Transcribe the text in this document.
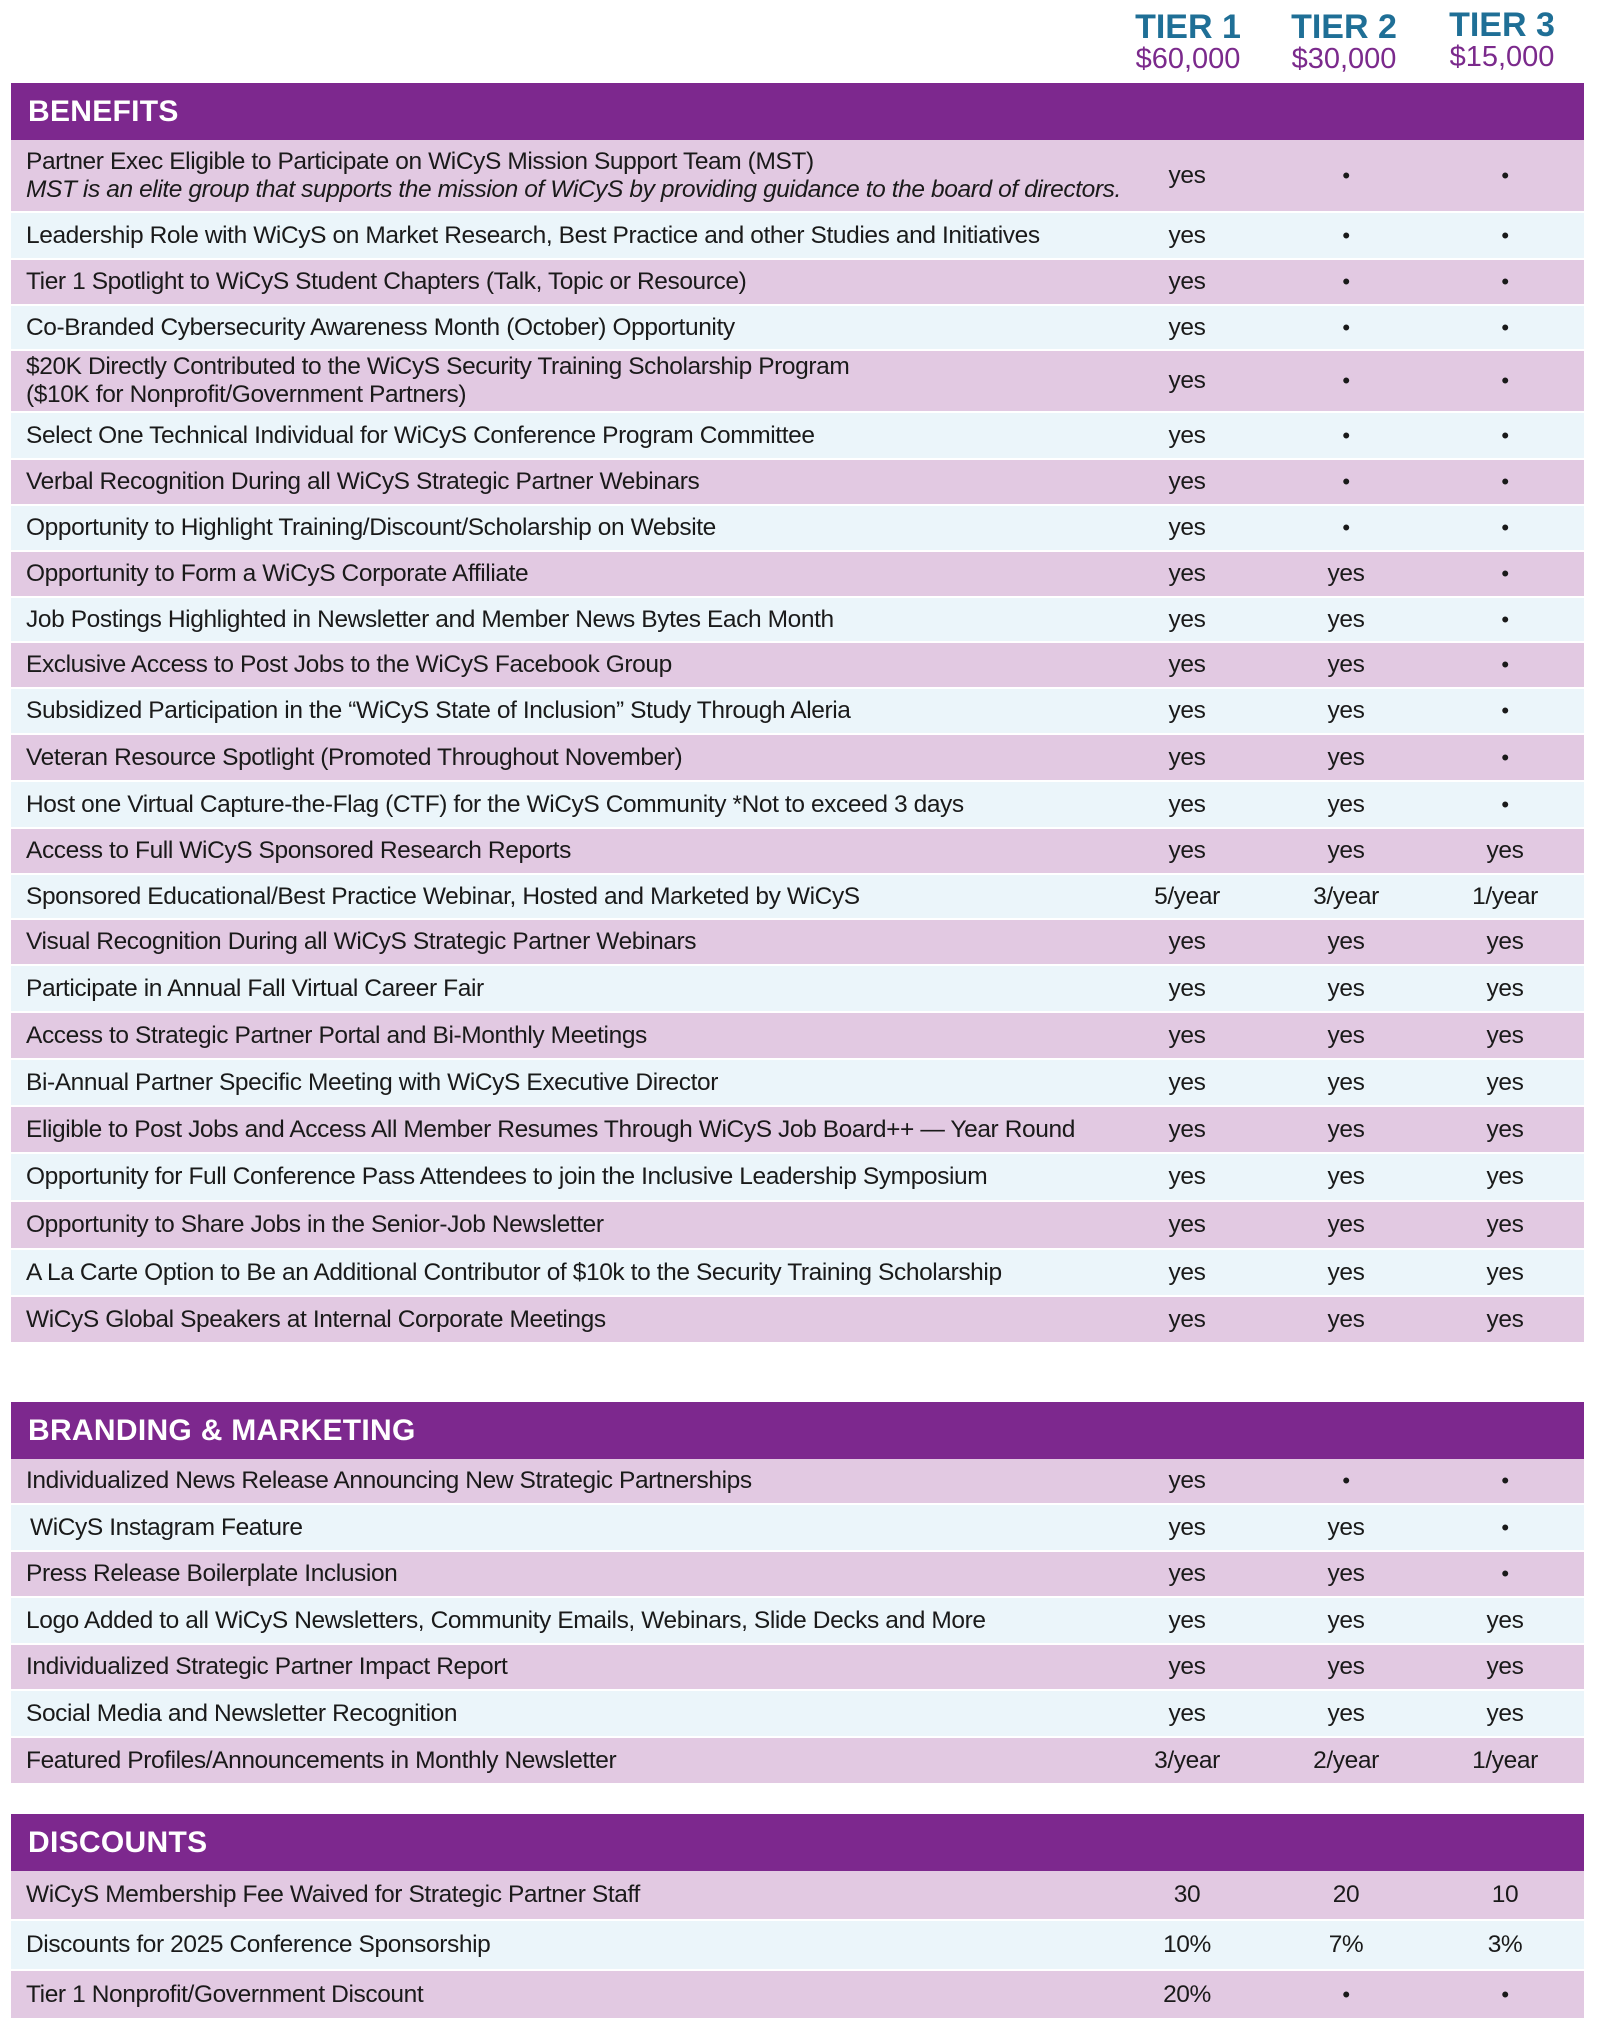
TIER 1
$60,000
TIER 2
$30,000
TIER 3
$15,000
BENEFITS
Partner Exec Eligible to Participate on WiCyS Mission Support Team (MST)
MST is an elite group that supports the mission of WiCyS by providing guidance to the board of directors.
yes	•	•
Leadership Role with WiCyS on Market Research, Best Practice and other Studies and Initiatives	yes	•	•
Tier 1 Spotlight to WiCyS Student Chapters (Talk, Topic or Resource)	yes	•	•
Co-Branded Cybersecurity Awareness Month (October) Opportunity	yes	•	•
$20K Directly Contributed to the WiCyS Security Training Scholarship Program
($10K for Nonprofit/Government Partners)
yes	•	•
Select One Technical Individual for WiCyS Conference Program Committee	yes	•	•
Verbal Recognition During all WiCyS Strategic Partner Webinars	yes	•	•
Opportunity to Highlight Training/Discount/Scholarship on Website	yes	•	•
Opportunity to Form a WiCyS Corporate Affiliate	yes	yes	•
Job Postings Highlighted in Newsletter and Member News Bytes Each Month	yes	yes	•
Exclusive Access to Post Jobs to the WiCyS Facebook Group	yes	yes	•
Subsidized Participation in the “WiCyS State of Inclusion” Study Through Aleria	yes	yes	•
Veteran Resource Spotlight (Promoted Throughout November)	yes	yes	•
Host one Virtual Capture-the-Flag (CTF) for the WiCyS Community *Not to exceed 3 days	yes	yes	•
Access to Full WiCyS Sponsored Research Reports	yes	yes	yes
Sponsored Educational/Best Practice Webinar, Hosted and Marketed by WiCyS	5/year	3/year	1/year
Visual Recognition During all WiCyS Strategic Partner Webinars	yes	yes	yes
Participate in Annual Fall Virtual Career Fair	yes	yes	yes
Access to Strategic Partner Portal and Bi-Monthly Meetings	yes	yes	yes
Bi-Annual Partner Specific Meeting with WiCyS Executive Director	yes	yes	yes
Eligible to Post Jobs and Access All Member Resumes Through WiCyS Job Board++ — Year Round	yes	yes	yes
Opportunity for Full Conference Pass Attendees to join the Inclusive Leadership Symposium	yes	yes	yes
Opportunity to Share Jobs in the Senior-Job Newsletter	yes	yes	yes
A La Carte Option to Be an Additional Contributor of $10k to the Security Training Scholarship	yes	yes	yes
WiCyS Global Speakers at Internal Corporate Meetings	yes	yes	yes
BRANDING & MARKETING
Individualized News Release Announcing New Strategic Partnerships	yes	•	•
WiCyS Instagram Feature	yes	yes	•
Press Release Boilerplate Inclusion	yes	yes	•
Logo Added to all WiCyS Newsletters, Community Emails, Webinars, Slide Decks and More	yes	yes	yes
Individualized Strategic Partner Impact Report	yes	yes	yes
Social Media and Newsletter Recognition	yes	yes	yes
Featured Profiles/Announcements in Monthly Newsletter	3/year	2/year	1/year
DISCOUNTS
WiCyS Membership Fee Waived for Strategic Partner Staff	30	20	10
Discounts for 2025 Conference Sponsorship	10%	7%	3%
Tier 1 Nonprofit/Government Discount	20%	•	•
